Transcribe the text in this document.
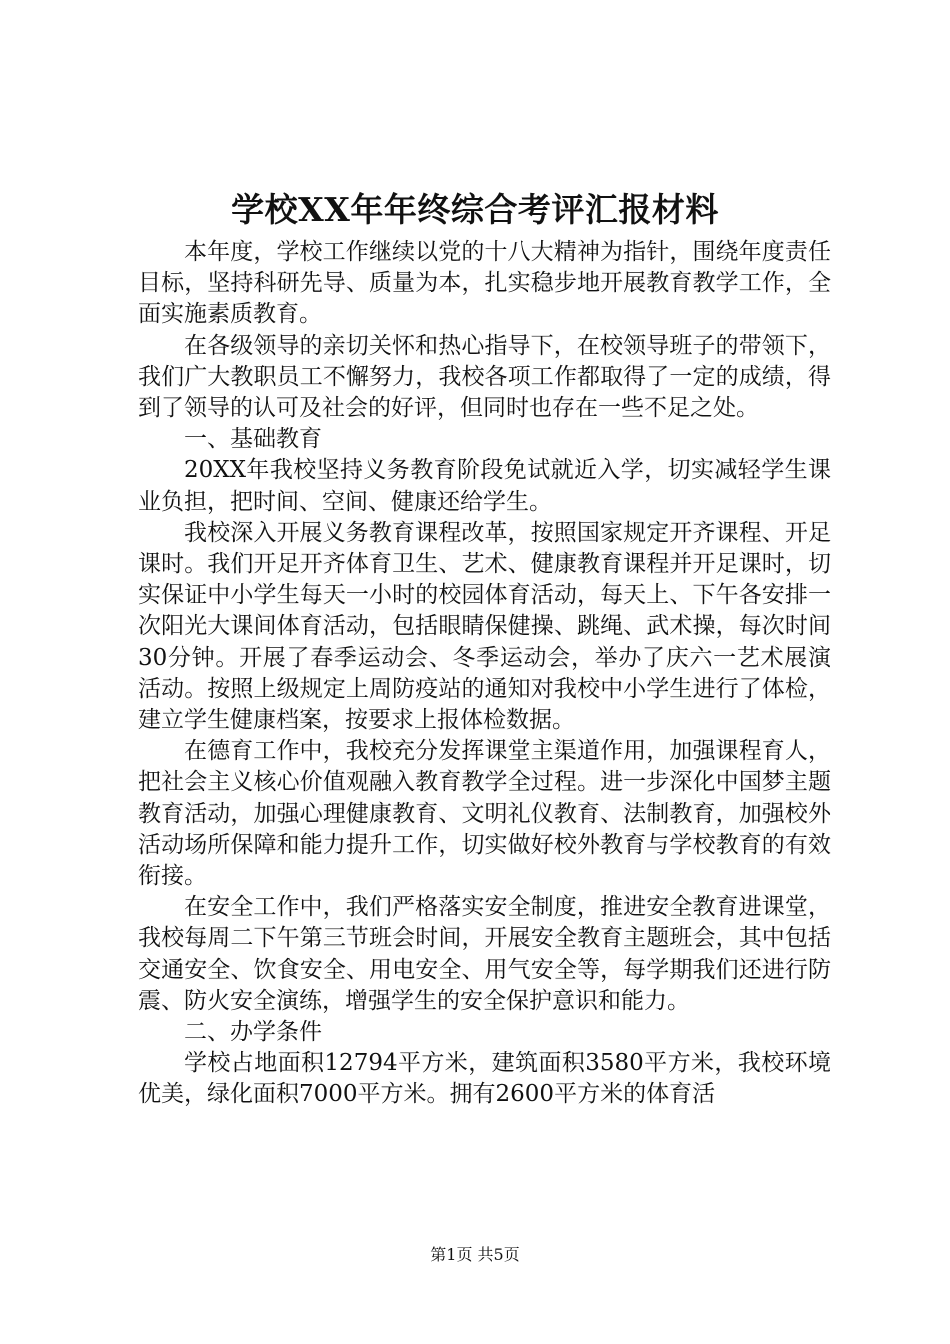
学校XX年年终综合考评汇报材料

本年度，学校工作继续以党的十八大精神为指针，围绕年度责任目标，坚持科研先导、质量为本，扎实稳步地开展教育教学工作，全面实施素质教育。

在各级领导的亲切关怀和热心指导下，在校领导班子的带领下，我们广大教职员工不懈努力，我校各项工作都取得了一定的成绩，得到了领导的认可及社会的好评，但同时也存在一些不足之处。

一、基础教育

20XX年我校坚持义务教育阶段免试就近入学，切实减轻学生课业负担，把时间、空间、健康还给学生。

我校深入开展义务教育课程改革，按照国家规定开齐课程、开足课时。我们开足开齐体育卫生、艺术、健康教育课程并开足课时，切实保证中小学生每天一小时的校园体育活动，每天上、下午各安排一次阳光大课间体育活动，包括眼睛保健操、跳绳、武术操，每次时间30分钟。开展了春季运动会、冬季运动会，举办了庆六一艺术展演活动。按照上级规定上周防疫站的通知对我校中小学生进行了体检，建立学生健康档案，按要求上报体检数据。

在德育工作中，我校充分发挥课堂主渠道作用，加强课程育人，把社会主义核心价值观融入教育教学全过程。进一步深化中国梦主题教育活动，加强心理健康教育、文明礼仪教育、法制教育，加强校外活动场所保障和能力提升工作，切实做好校外教育与学校教育的有效衔接。

在安全工作中，我们严格落实安全制度，推进安全教育进课堂，我校每周二下午第三节班会时间，开展安全教育主题班会，其中包括交通安全、饮食安全、用电安全、用气安全等，每学期我们还进行防震、防火安全演练，增强学生的安全保护意识和能力。

二、办学条件

学校占地面积12794平方米，建筑面积3580平方米，我校环境优美，绿化面积7000平方米。拥有2600平方米的体育活

第1页 共5页
